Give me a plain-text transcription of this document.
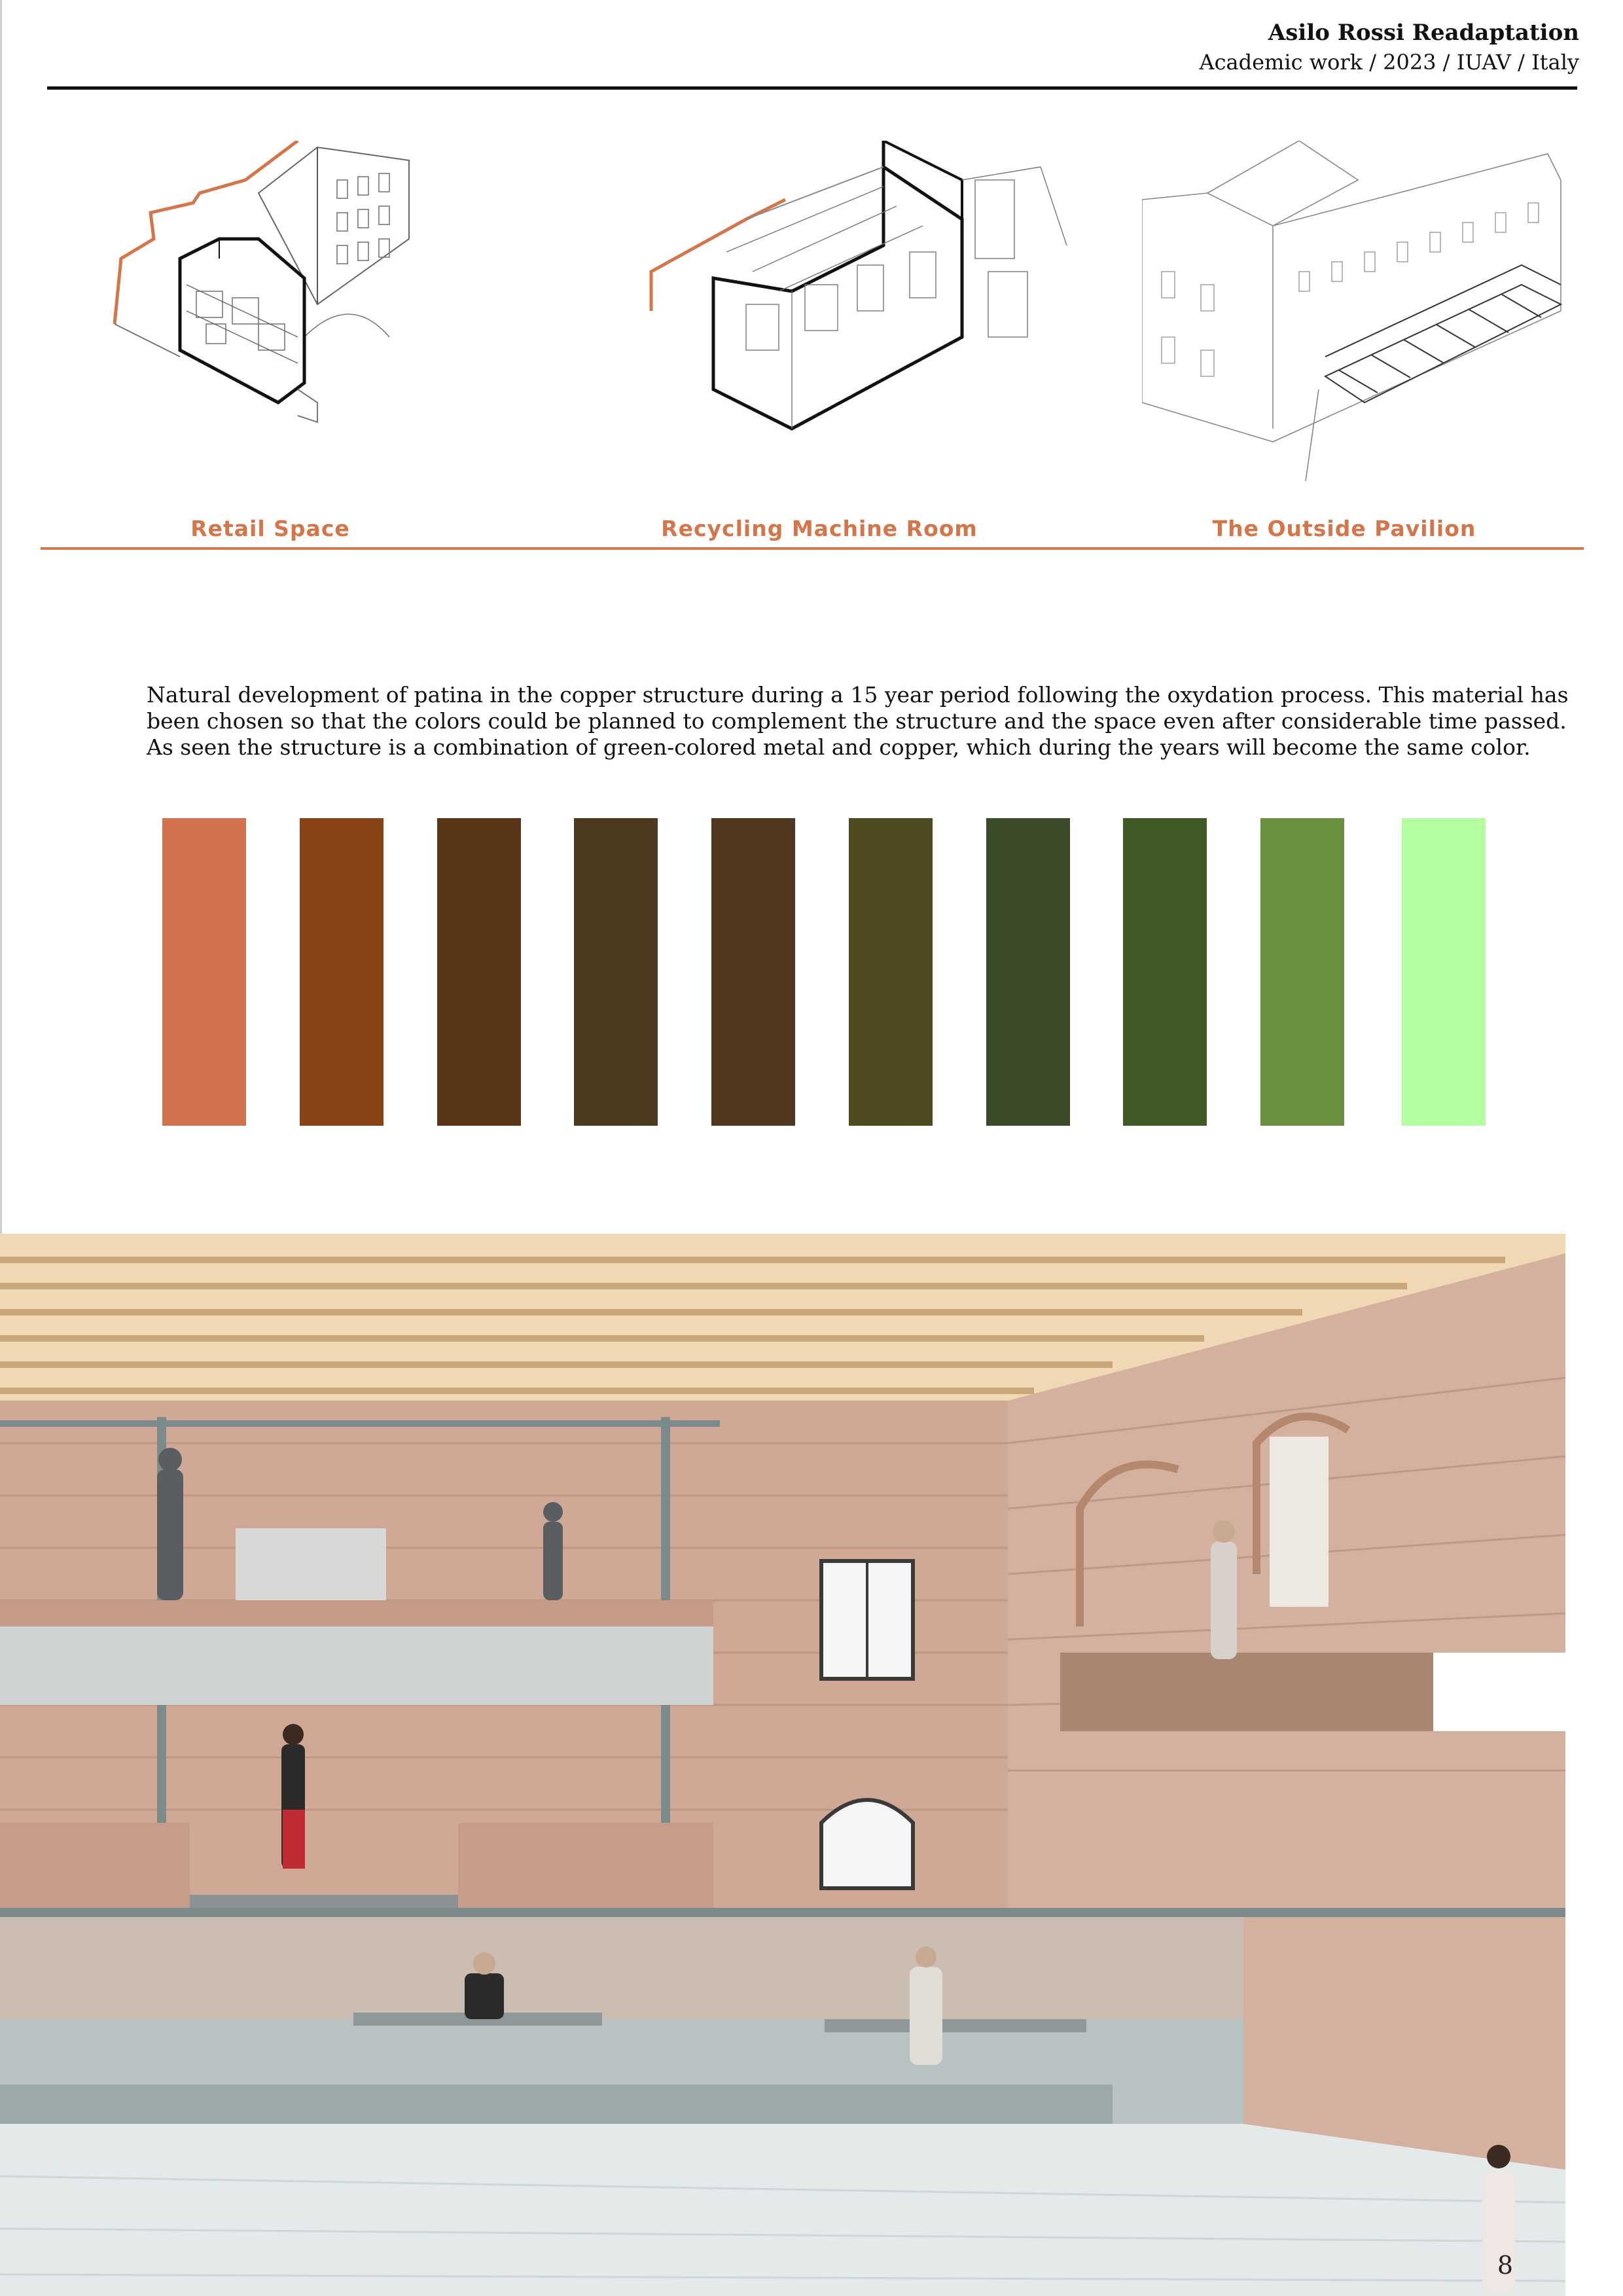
Asilo Rossi Readaptation
Academic work / 2023 / IUAV / Italy
Retail Space	Recycling Machine Room	The Outside Pavilion

Natural development of patina in the copper structure during a 15 year period following the oxydation process. This material has

been chosen so that the colors could be planned to complement the structure and the space even after considerable time passed.

As seen the structure is a combination of green-colored metal and copper, which during the years will become the same color.

8
